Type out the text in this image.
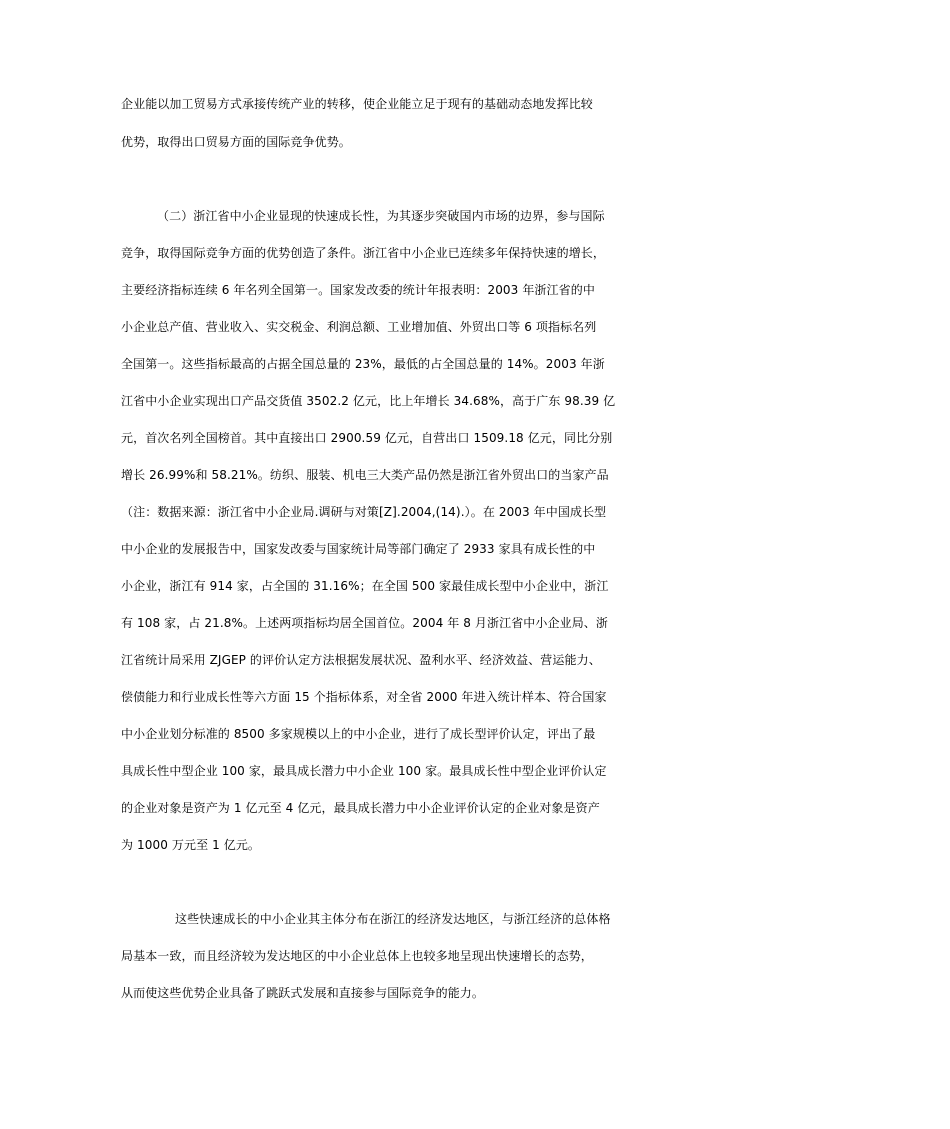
企业能以加工贸易方式承接传统产业的转移，使企业能立足于现有的基础动态地发挥比较
优势，取得出口贸易方面的国际竞争优势。
（二）浙江省中小企业显现的快速成长性，为其逐步突破国内市场的边界，参与国际
竞争，取得国际竞争方面的优势创造了条件。浙江省中小企业已连续多年保持快速的增长，
主要经济指标连续 6 年名列全国第一。国家发改委的统计年报表明：2003 年浙江省的中
小企业总产值、营业收入、实交税金、利润总额、工业增加值、外贸出口等 6 项指标名列
全国第一。这些指标最高的占据全国总量的 23%，最低的占全国总量的 14%。2003 年浙
江省中小企业实现出口产品交货值 3502.2 亿元，比上年增长 34.68%，高于广东 98.39 亿
元，首次名列全国榜首。其中直接出口 2900.59 亿元，自营出口 1509.18 亿元，同比分别
增长 26.99%和 58.21%。纺织、服装、机电三大类产品仍然是浙江省外贸出口的当家产品
（注：数据来源：浙江省中小企业局.调研与对策[Z].2004,(14).）。在 2003 年中国成长型
中小企业的发展报告中，国家发改委与国家统计局等部门确定了 2933 家具有成长性的中
小企业，浙江有 914 家，占全国的 31.16%；在全国 500 家最佳成长型中小企业中，浙江
有 108 家，占 21.8%。上述两项指标均居全国首位。2004 年 8 月浙江省中小企业局、浙
江省统计局采用 ZJGEP 的评价认定方法根据发展状况、盈利水平、经济效益、营运能力、
偿债能力和行业成长性等六方面 15 个指标体系，对全省 2000 年进入统计样本、符合国家
中小企业划分标准的 8500 多家规模以上的中小企业，进行了成长型评价认定，评出了最
具成长性中型企业 100 家，最具成长潜力中小企业 100 家。最具成长性中型企业评价认定
的企业对象是资产为 1 亿元至 4 亿元，最具成长潜力中小企业评价认定的企业对象是资产
为 1000 万元至 1 亿元。
这些快速成长的中小企业其主体分布在浙江的经济发达地区，与浙江经济的总体格
局基本一致，而且经济较为发达地区的中小企业总体上也较多地呈现出快速增长的态势，
从而使这些优势企业具备了跳跃式发展和直接参与国际竞争的能力。
